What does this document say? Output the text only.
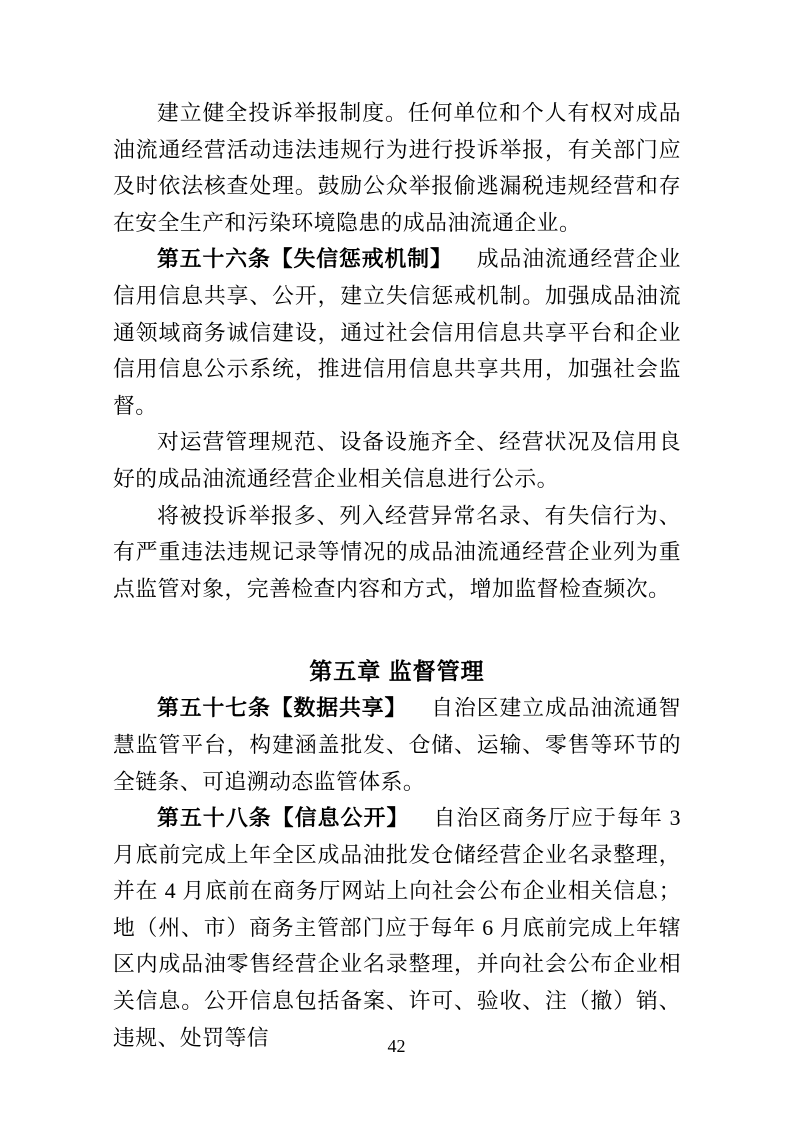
建立健全投诉举报制度。任何单位和个人有权对成品油流通经营活动违法违规行为进行投诉举报，有关部门应及时依法核查处理。鼓励公众举报偷逃漏税违规经营和存在安全生产和污染环境隐患的成品油流通企业。

第五十六条【失信惩戒机制】 成品油流通经营企业信用信息共享、公开，建立失信惩戒机制。加强成品油流通领域商务诚信建设，通过社会信用信息共享平台和企业信用信息公示系统，推进信用信息共享共用，加强社会监督。

对运营管理规范、设备设施齐全、经营状况及信用良好的成品油流通经营企业相关信息进行公示。

将被投诉举报多、列入经营异常名录、有失信行为、有严重违法违规记录等情况的成品油流通经营企业列为重点监管对象，完善检查内容和方式，增加监督检查频次。

第五章 监督管理

第五十七条【数据共享】 自治区建立成品油流通智慧监管平台，构建涵盖批发、仓储、运输、零售等环节的全链条、可追溯动态监管体系。

第五十八条【信息公开】 自治区商务厅应于每年 3 月底前完成上年全区成品油批发仓储经营企业名录整理，并在 4 月底前在商务厅网站上向社会公布企业相关信息；地（州、市）商务主管部门应于每年 6 月底前完成上年辖区内成品油零售经营企业名录整理，并向社会公布企业相关信息。公开信息包括备案、许可、验收、注（撤）销、违规、处罚等信	42
